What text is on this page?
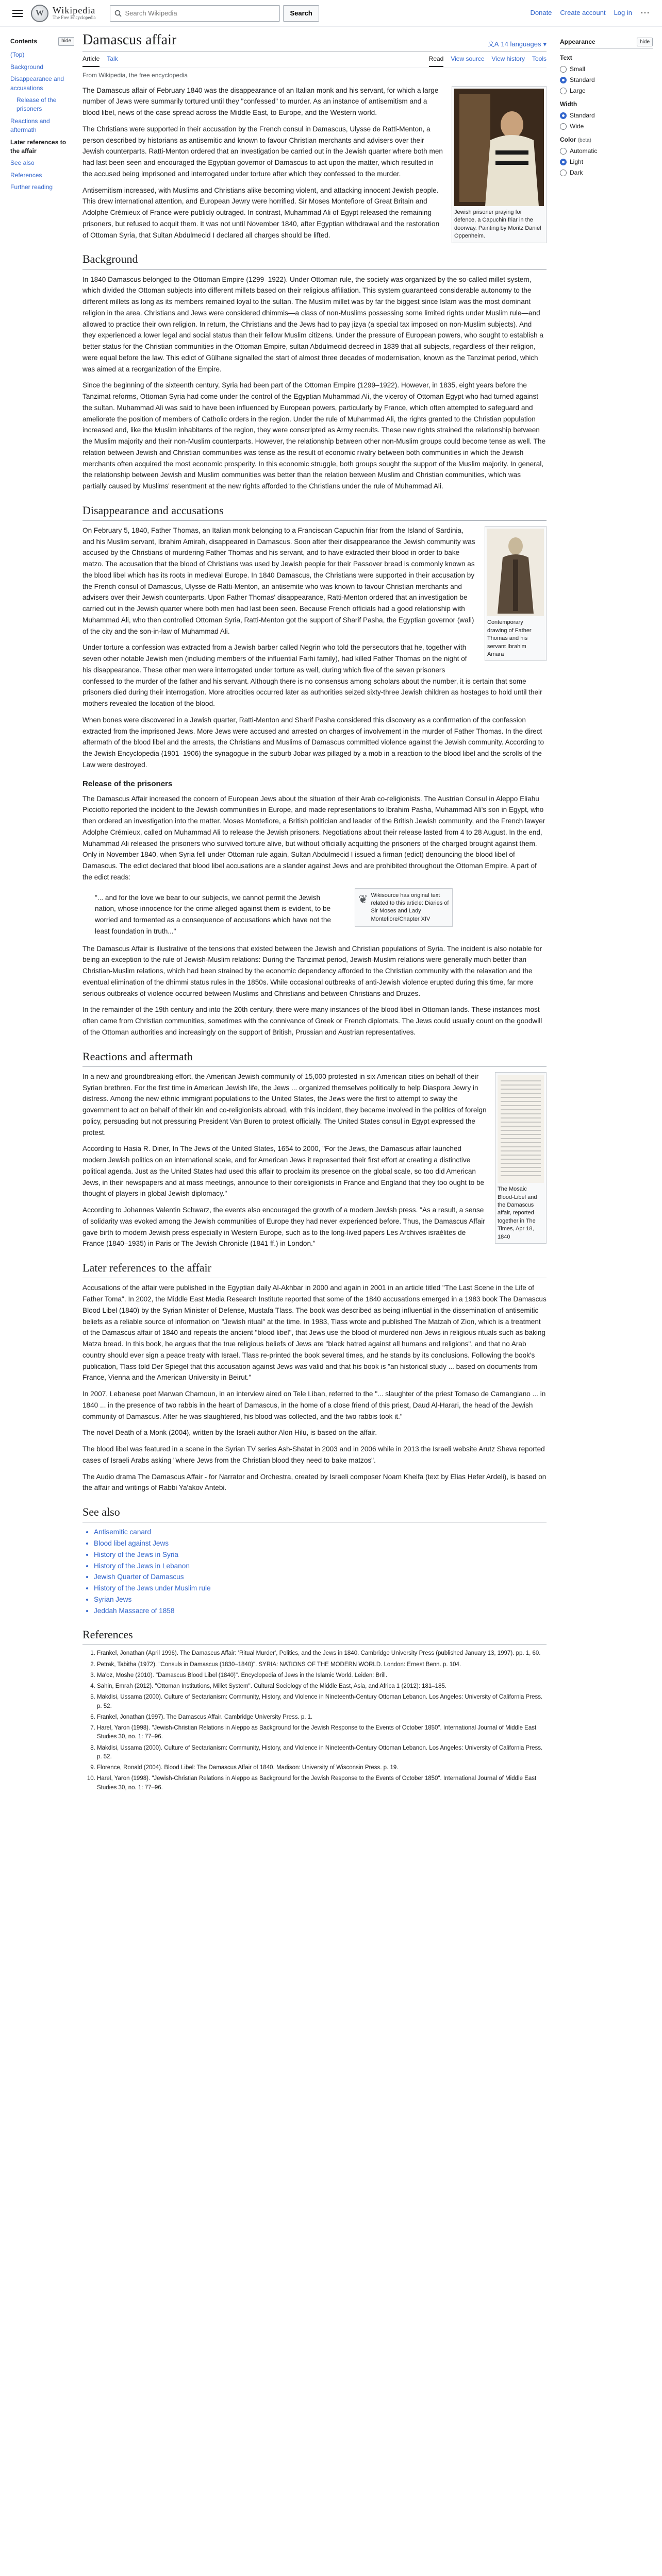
W Wikipedia
The Free Encyclopedia
Search Wikipedia
Search	Donate Create account Log in ⋯
Contents	hide
(Top)
Background
Disappearance and accusations
Release of the prisoners
Reactions and aftermath
Later references to the affair
See also
References
Further reading
Damascus affair	文A 14 languages ▾
Article Talk	Read View source View history Tools
From Wikipedia, the free encyclopedia
Jewish prisoner praying for defence, a Capuchin friar in the doorway. Painting by Moritz Daniel Oppenheim.

The Damascus affair of February 1840 was the disappearance of an Italian monk and his servant, for which a large number of Jews were summarily tortured until they "confessed" to murder. As an instance of antisemitism and a blood libel, news of the case spread across the Middle East, to Europe, and the Western world.

The Christians were supported in their accusation by the French consul in Damascus, Ulysse de Ratti-Menton, a person described by historians as antisemitic and known to favour Christian merchants and advisers over their Jewish counterparts. Ratti-Menton ordered that an investigation be carried out in the Jewish quarter where both men had last been seen and encouraged the Egyptian governor of Damascus to act upon the matter, which resulted in the accused being imprisoned and interrogated under torture after which they confessed to the murder.

Antisemitism increased, with Muslims and Christians alike becoming violent, and attacking innocent Jewish people. This drew international attention, and European Jewry were horrified. Sir Moses Montefiore of Great Britain and Adolphe Crémieux of France were publicly outraged. In contrast, Muhammad Ali of Egypt released the remaining prisoners, but refused to acquit them. It was not until November 1840, after Egyptian withdrawal and the restoration of Ottoman Syria, that Sultan Abdulmecid I declared all charges should be lifted.

Background

In 1840 Damascus belonged to the Ottoman Empire (1299–1922). Under Ottoman rule, the society was organized by the so-called millet system, which divided the Ottoman subjects into different millets based on their religious affiliation. This system guaranteed considerable autonomy to the different millets as long as its members remained loyal to the sultan. The Muslim millet was by far the biggest since Islam was the most dominant religion in the area. Christians and Jews were considered dhimmis—a class of non-Muslims possessing some limited rights under Muslim rule—and allowed to practice their own religion. In return, the Christians and the Jews had to pay jizya (a special tax imposed on non-Muslim subjects). And they experienced a lower legal and social status than their fellow Muslim citizens. Under the pressure of European powers, who sought to establish a better status for the Christian communities in the Ottoman Empire, sultan Abdulmecid decreed in 1839 that all subjects, regardless of their religion, were equal before the law. This edict of Gülhane signalled the start of almost three decades of modernisation, known as the Tanzimat period, which was aimed at a reorganization of the Empire.

Since the beginning of the sixteenth century, Syria had been part of the Ottoman Empire (1299–1922). However, in 1835, eight years before the Tanzimat reforms, Ottoman Syria had come under the control of the Egyptian Muhammad Ali, the viceroy of Ottoman Egypt who had turned against the sultan. Muhammad Ali was said to have been influenced by European powers, particularly by France, which often attempted to safeguard and ameliorate the position of members of Catholic orders in the region. Under the rule of Muhammad Ali, the rights granted to the Christian population increased and, like the Muslim inhabitants of the region, they were conscripted as Army recruits. These new rights strained the relationship between the Muslim majority and their non-Muslim counterparts. However, the relationship between other non-Muslim groups could become tense as well. The relation between Jewish and Christian communities was tense as the result of economic rivalry between both communities in which the Jewish merchants often acquired the most economic prosperity. In this economic struggle, both groups sought the support of the Muslim majority. In general, the relationship between Jewish and Muslim communities was better than the relation between Muslim and Christian communities, which was partially caused by Muslims' resentment at the new rights afforded to the Christians under the rule of Muhammad Ali.

Disappearance and accusations
Contemporary drawing of Father Thomas and his servant Ibrahim Amara

On February 5, 1840, Father Thomas, an Italian monk belonging to a Franciscan Capuchin friar from the Island of Sardinia, and his Muslim servant, Ibrahim Amirah, disappeared in Damascus. Soon after their disappearance the Jewish community was accused by the Christians of murdering Father Thomas and his servant, and to have extracted their blood in order to bake matzo. The accusation that the blood of Christians was used by Jewish people for their Passover bread is commonly known as the blood libel which has its roots in medieval Europe. In 1840 Damascus, the Christians were supported in their accusation by the French consul of Damascus, Ulysse de Ratti-Menton, an antisemite who was known to favour Christian merchants and advisers over their Jewish counterparts. Upon Father Thomas' disappearance, Ratti-Menton ordered that an investigation be carried out in the Jewish quarter where both men had last been seen. Because French officials had a good relationship with Muhammad Ali, who then controlled Ottoman Syria, Ratti-Menton got the support of Sharif Pasha, the Egyptian governor (wali) of the city and the son-in-law of Muhammad Ali.

Under torture a confession was extracted from a Jewish barber called Negrin who told the persecutors that he, together with seven other notable Jewish men (including members of the influential Farhi family), had killed Father Thomas on the night of his disappearance. These other men were interrogated under torture as well, during which five of the seven prisoners confessed to the murder of the father and his servant. Although there is no consensus among scholars about the number, it is certain that some prisoners died during their interrogation. More atrocities occurred later as authorities seized sixty-three Jewish children as hostages to hold until their mothers revealed the location of the blood.

When bones were discovered in a Jewish quarter, Ratti-Menton and Sharif Pasha considered this discovery as a confirmation of the confession extracted from the imprisoned Jews. More Jews were accused and arrested on charges of involvement in the murder of Father Thomas. In the direct aftermath of the blood libel and the arrests, the Christians and Muslims of Damascus committed violence against the Jewish community. According to the Jewish Encyclopedia (1901–1906) the synagogue in the suburb Jobar was pillaged by a mob in a reaction to the blood libel and the scrolls of the Law were destroyed.

Release of the prisoners

The Damascus Affair increased the concern of European Jews about the situation of their Arab co-religionists. The Austrian Consul in Aleppo Eliahu Picciotto reported the incident to the Jewish communities in Europe, and made representations to Ibrahim Pasha, Muhammad Ali's son in Egypt, who then ordered an investigation into the matter. Moses Montefiore, a British politician and leader of the British Jewish community, and the French lawyer Adolphe Crémieux, called on Muhammad Ali to release the Jewish prisoners. Negotiations about their release lasted from 4 to 28 August. In the end, Muhammad Ali released the prisoners who survived torture alive, but without officially acquitting the prisoners of the charged brought against them. Only in November 1840, when Syria fell under Ottoman rule again, Sultan Abdulmecid I issued a firman (edict) denouncing the blood libel of Damascus. The edict declared that blood libel accusations are a slander against Jews and are prohibited throughout the Ottoman Empire. A part of the edict reads:

"... and for the love we bear to our subjects, we cannot permit the Jewish nation, whose innocence for the crime alleged against them is evident, to be worried and tormented as a consequence of accusations which have not the least foundation in truth..."
❦ Wikisource has original text related to this article: Diaries of Sir Moses and Lady Montefiore/Chapter XIV

The Damascus Affair is illustrative of the tensions that existed between the Jewish and Christian populations of Syria. The incident is also notable for being an exception to the rule of Jewish-Muslim relations: During the Tanzimat period, Jewish-Muslim relations were generally much better than Christian-Muslim relations, which had been strained by the economic dependency afforded to the Christian community with the relaxation and the eventual elimination of the dhimmi status rules in the 1850s. While occasional outbreaks of anti-Jewish violence erupted during this time, far more serious outbreaks of violence occurred between Muslims and Christians and between Christians and Druzes.

In the remainder of the 19th century and into the 20th century, there were many instances of the blood libel in Ottoman lands. These instances most often came from Christian communities, sometimes with the connivance of Greek or French diplomats. The Jews could usually count on the goodwill of the Ottoman authorities and increasingly on the support of British, Prussian and Austrian representatives.

Reactions and aftermath
The Mosaic Blood-Libel and the Damascus affair, reported together in The Times, Apr 18, 1840

In a new and groundbreaking effort, the American Jewish community of 15,000 protested in six American cities on behalf of their Syrian brethren. For the first time in American Jewish life, the Jews ... organized themselves politically to help Diaspora Jewry in distress. Among the new ethnic immigrant populations to the United States, the Jews were the first to attempt to sway the government to act on behalf of their kin and co-religionists abroad, with this incident, they became involved in the politics of foreign policy, persuading but not pressuring President Van Buren to protest officially. The United States consul in Egypt expressed the protest.

According to Hasia R. Diner, In The Jews of the United States, 1654 to 2000, "For the Jews, the Damascus affair launched modern Jewish politics on an international scale, and for American Jews it represented their first effort at creating a distinctive political agenda. Just as the United States had used this affair to proclaim its presence on the global scale, so too did American Jews, in their newspapers and at mass meetings, announce to their coreligionists in France and England that they too ought to be thought of players in global Jewish diplomacy."

According to Johannes Valentin Schwarz, the events also encouraged the growth of a modern Jewish press. "As a result, a sense of solidarity was evoked among the Jewish communities of Europe they had never experienced before. Thus, the Damascus Affair gave birth to modern Jewish press especially in Western Europe, such as to the long-lived papers Les Archives israélites de France (1840–1935) in Paris or The Jewish Chronicle (1841 ff.) in London."

Later references to the affair

Accusations of the affair were published in the Egyptian daily Al-Akhbar in 2000 and again in 2001 in an article titled "The Last Scene in the Life of Father Toma". In 2002, the Middle East Media Research Institute reported that some of the 1840 accusations emerged in a 1983 book The Damascus Blood Libel (1840) by the Syrian Minister of Defense, Mustafa Tlass. The book was described as being influential in the dissemination of antisemitic beliefs as a reliable source of information on "Jewish ritual" at the time. In 1983, Tlass wrote and published The Matzah of Zion, which is a treatment of the Damascus affair of 1840 and repeats the ancient "blood libel", that Jews use the blood of murdered non-Jews in religious rituals such as baking Matza bread. In this book, he argues that the true religious beliefs of Jews are "black hatred against all humans and religions", and that no Arab country should ever sign a peace treaty with Israel. Tlass re-printed the book several times, and he stands by its conclusions. Following the book's publication, Tlass told Der Spiegel that this accusation against Jews was valid and that his book is "an historical study ... based on documents from France, Vienna and the American University in Beirut."

In 2007, Lebanese poet Marwan Chamoun, in an interview aired on Tele Liban, referred to the "... slaughter of the priest Tomaso de Camangiano ... in 1840 ... in the presence of two rabbis in the heart of Damascus, in the home of a close friend of this priest, Daud Al-Harari, the head of the Jewish community of Damascus. After he was slaughtered, his blood was collected, and the two rabbis took it."

The novel Death of a Monk (2004), written by the Israeli author Alon Hilu, is based on the affair.

The blood libel was featured in a scene in the Syrian TV series Ash-Shatat in 2003 and in 2006 while in 2013 the Israeli website Arutz Sheva reported cases of Israeli Arabs asking "where Jews from the Christian blood they need to bake matzos".

The Audio drama The Damascus Affair - for Narrator and Orchestra, created by Israeli composer Noam Kheifa (text by Elias Hefer Ardeli), is based on the affair and writings of Rabbi Ya'akov Antebi.

See also
• Antisemitic canard
• Blood libel against Jews
• History of the Jews in Syria
• History of the Jews in Lebanon
• Jewish Quarter of Damascus
• History of the Jews under Muslim rule
• Syrian Jews
• Jeddah Massacre of 1858
References
1. Frankel, Jonathan (April 1996). The Damascus Affair: 'Ritual Murder', Politics, and the Jews in 1840. Cambridge University Press (published January 13, 1997). pp. 1, 60.
2. Petrak, Tabitha (1972). "Consuls in Damascus (1830–1840)". SYRIA: NATIONS OF THE MODERN WORLD. London: Ernest Benn. p. 104.
3. Ma'oz, Moshe (2010). "Damascus Blood Libel (1840)". Encyclopedia of Jews in the Islamic World. Leiden: Brill.
4. Sahin, Emrah (2012). "Ottoman Institutions, Millet System". Cultural Sociology of the Middle East, Asia, and Africa 1 (2012): 181–185.
5. Makdisi, Ussama (2000). Culture of Sectarianism: Community, History, and Violence in Nineteenth-Century Ottoman Lebanon. Los Angeles: University of California Press. p. 52.
6. Frankel, Jonathan (1997). The Damascus Affair. Cambridge University Press. p. 1.
7. Harel, Yaron (1998). "Jewish-Christian Relations in Aleppo as Background for the Jewish Response to the Events of October 1850". International Journal of Middle East Studies 30, no. 1: 77–96.
8. Makdisi, Ussama (2000). Culture of Sectarianism: Community, History, and Violence in Nineteenth-Century Ottoman Lebanon. Los Angeles: University of California Press. p. 52.
9. Florence, Ronald (2004). Blood Libel: The Damascus Affair of 1840. Madison: University of Wisconsin Press. p. 19.
10. Harel, Yaron (1998). "Jewish-Christian Relations in Aleppo as Background for the Jewish Response to the Events of October 1850". International Journal of Middle East Studies 30, no. 1: 77–96.
Appearance	hide
Text
Small
Standard
Large
Width
Standard
Wide
Color (beta)
Automatic
Light
Dark
